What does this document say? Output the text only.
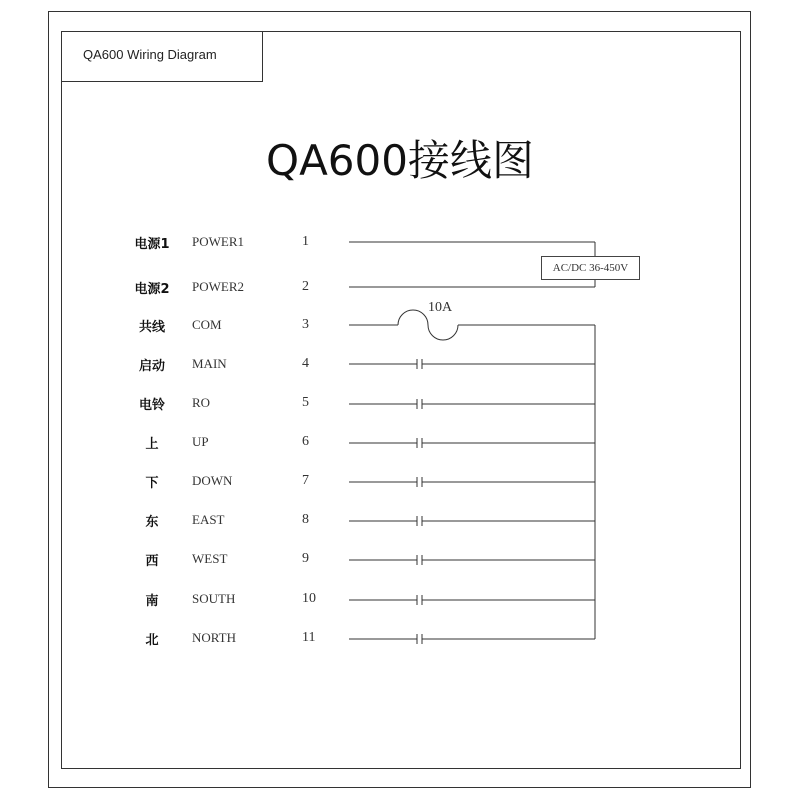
QA600 Wiring Diagram
QA600接线图
AC/DC 36-450V
10A
电源1	POWER1	1
电源2	POWER2	2
共线	COM	3
启动	MAIN	4
电铃	RO	5
上	UP	6
下	DOWN	7
东	EAST	8
西	WEST	9
南	SOUTH	10
北	NORTH	11
